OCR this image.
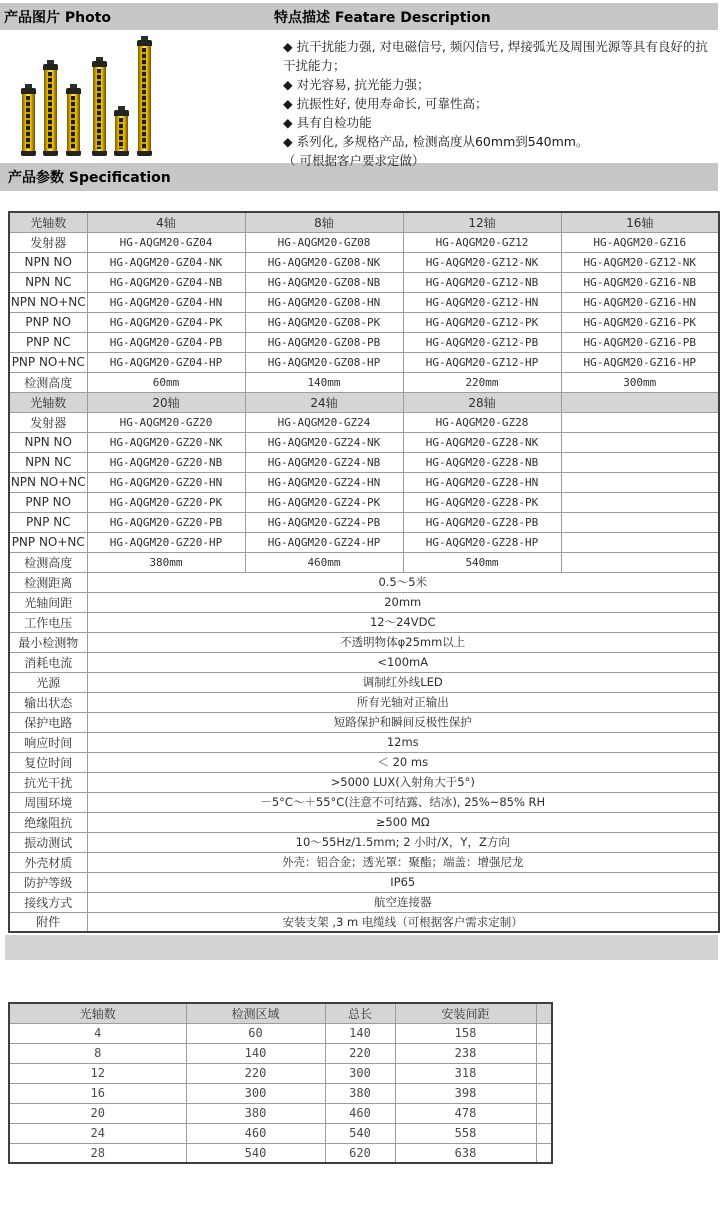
产品图片 Photo	特点描述 Featare Description
◆ 抗干扰能力强, 对电磁信号, 频闪信号, 焊接弧光及周围光源等具有良好的抗干扰能力；
◆ 对光容易, 抗光能力强；
◆ 抗振性好, 使用寿命长, 可靠性高；
◆ 具有自检功能
◆ 系列化, 多规格产品, 检测高度从60mm到540mm。
（ 可根据客户要求定做）
产品参数 Specification
光轴数	4轴	8轴	12轴	16轴
发射器	HG-AQGM20-GZ04	HG-AQGM20-GZ08	HG-AQGM20-GZ12	HG-AQGM20-GZ16
NPN NO	HG-AQGM20-GZ04-NK	HG-AQGM20-GZ08-NK	HG-AQGM20-GZ12-NK	HG-AQGM20-GZ12-NK
NPN NC	HG-AQGM20-GZ04-NB	HG-AQGM20-GZ08-NB	HG-AQGM20-GZ12-NB	HG-AQGM20-GZ16-NB
NPN NO+NC	HG-AQGM20-GZ04-HN	HG-AQGM20-GZ08-HN	HG-AQGM20-GZ12-HN	HG-AQGM20-GZ16-HN
PNP NO	HG-AQGM20-GZ04-PK	HG-AQGM20-GZ08-PK	HG-AQGM20-GZ12-PK	HG-AQGM20-GZ16-PK
PNP NC	HG-AQGM20-GZ04-PB	HG-AQGM20-GZ08-PB	HG-AQGM20-GZ12-PB	HG-AQGM20-GZ16-PB
PNP NO+NC	HG-AQGM20-GZ04-HP	HG-AQGM20-GZ08-HP	HG-AQGM20-GZ12-HP	HG-AQGM20-GZ16-HP
检测高度	60mm	140mm	220mm	300mm
光轴数	20轴	24轴	28轴	
发射器	HG-AQGM20-GZ20	HG-AQGM20-GZ24	HG-AQGM20-GZ28	
NPN NO	HG-AQGM20-GZ20-NK	HG-AQGM20-GZ24-NK	HG-AQGM20-GZ28-NK	
NPN NC	HG-AQGM20-GZ20-NB	HG-AQGM20-GZ24-NB	HG-AQGM20-GZ28-NB	
NPN NO+NC	HG-AQGM20-GZ20-HN	HG-AQGM20-GZ24-HN	HG-AQGM20-GZ28-HN	
PNP NO	HG-AQGM20-GZ20-PK	HG-AQGM20-GZ24-PK	HG-AQGM20-GZ28-PK	
PNP NC	HG-AQGM20-GZ20-PB	HG-AQGM20-GZ24-PB	HG-AQGM20-GZ28-PB	
PNP NO+NC	HG-AQGM20-GZ20-HP	HG-AQGM20-GZ24-HP	HG-AQGM20-GZ28-HP	
检测高度	380mm	460mm	540mm	
检测距离	0.5～5米			
光轴间距	20mm			
工作电压	12～24VDC			
最小检测物	不透明物体φ25mm以上			
消耗电流	<100mA			
光源	调制红外线LED			
输出状态	所有光轴对正输出			
保护电路	短路保护和瞬间反极性保护			
响应时间	12ms			
复位时间	＜ 20 ms			
抗光干扰	>5000 LUX(入射角大于5°)			
周围环境	－5°C～＋55°C(注意不可结露、结冰), 25%~85% RH			
绝缘阻抗	≥500 MΩ			
振动测试	10～55Hz/1.5mm; 2 小时/X，Y，Z方向			
外壳材质	外壳：铝合金；透光罩：聚酯；端盖：增强尼龙			
防护等级	IP65			
接线方式	航空连接器			
附件	安装支架 ,3 m 电缆线（可根据客户需求定制）			
光轴数	检测区域	总长	安装间距	
4	60	140	158	
8	140	220	238	
12	220	300	318	
16	300	380	398	
20	380	460	478	
24	460	540	558	
28	540	620	638	
